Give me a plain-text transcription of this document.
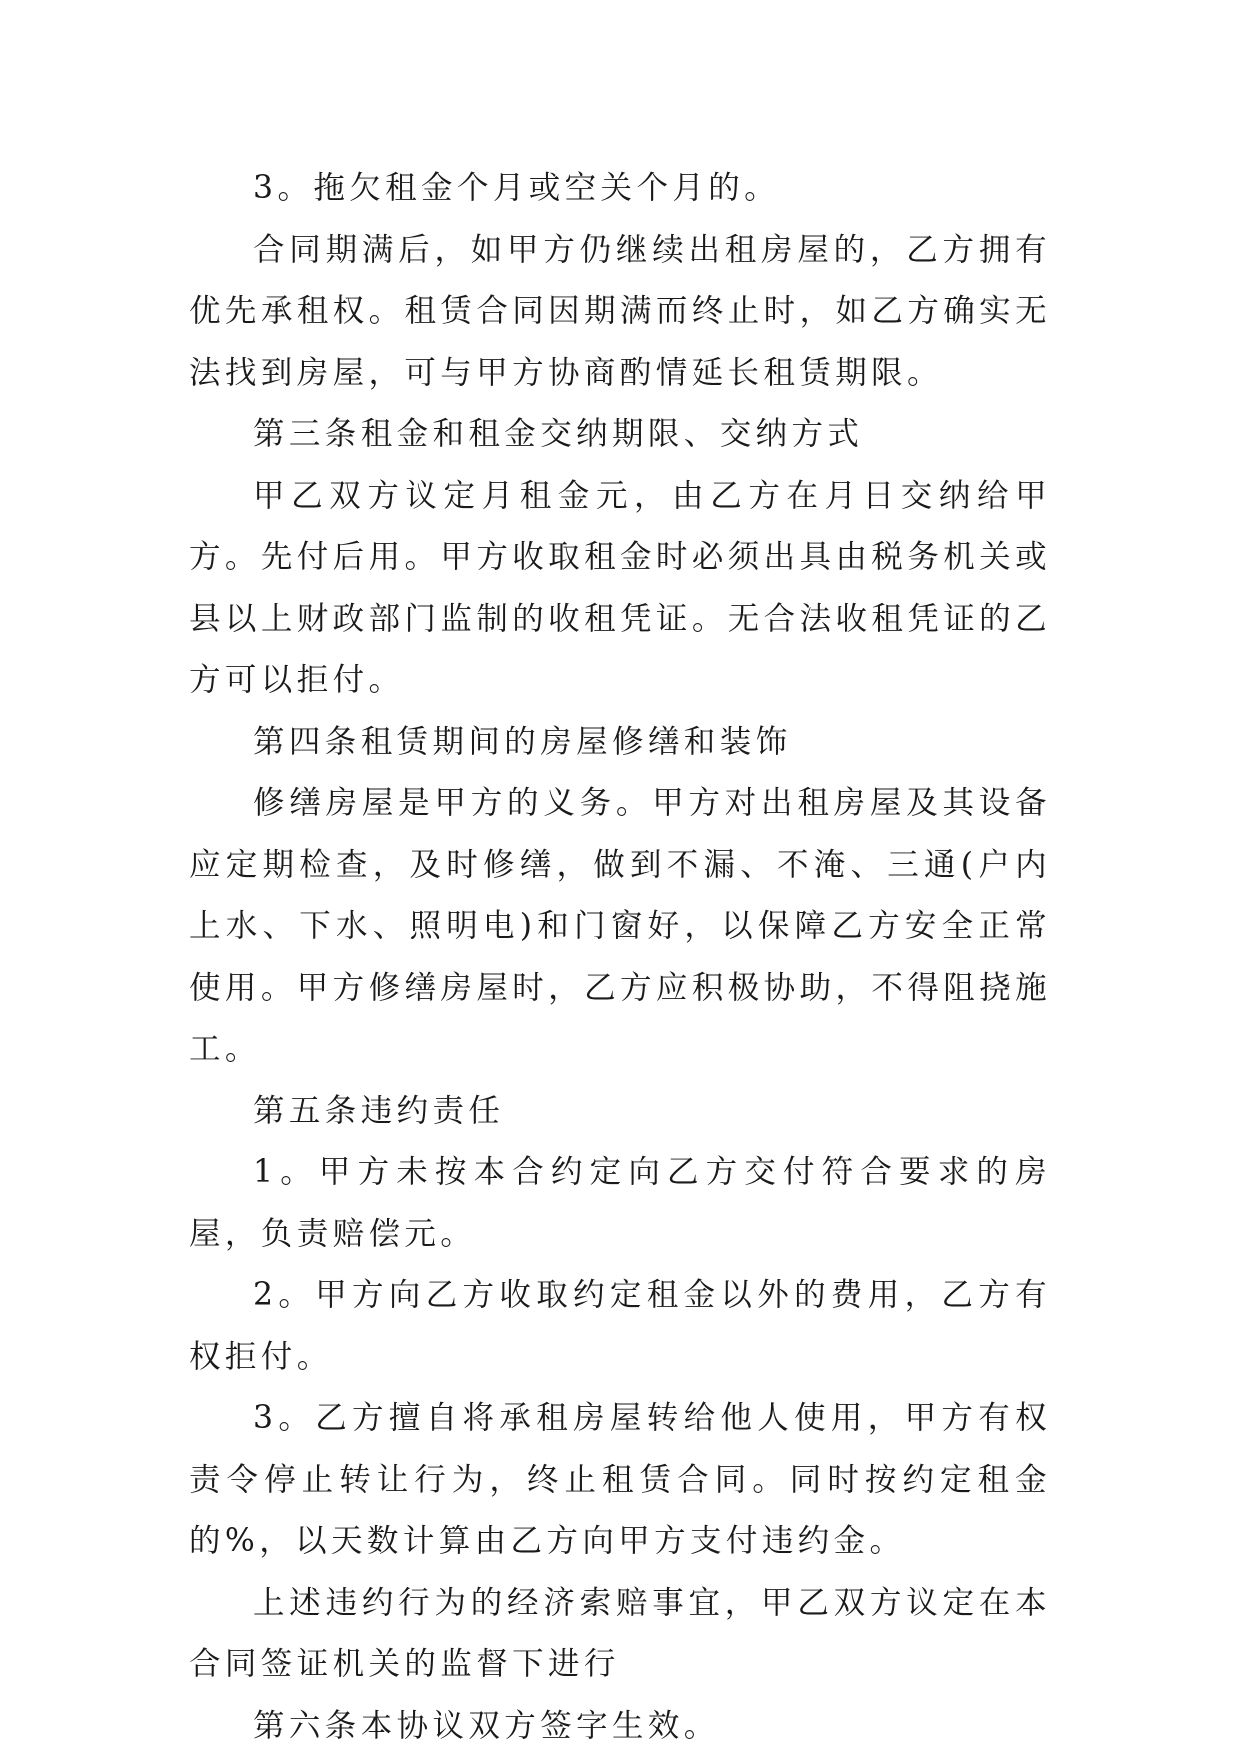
3。拖欠租金个月或空关个月的。

合同期满后，如甲方仍继续出租房屋的，乙方拥有优先承租权。租赁合同因期满而终止时，如乙方确实无法找到房屋，可与甲方协商酌情延长租赁期限。

第三条租金和租金交纳期限、交纳方式

甲乙双方议定月租金元，由乙方在月日交纳给甲方。先付后用。甲方收取租金时必须出具由税务机关或县以上财政部门监制的收租凭证。无合法收租凭证的乙方可以拒付。

第四条租赁期间的房屋修缮和装饰

修缮房屋是甲方的义务。甲方对出租房屋及其设备应定期检查，及时修缮，做到不漏、不淹、三通(户内上水、下水、照明电)和门窗好，以保障乙方安全正常使用。甲方修缮房屋时，乙方应积极协助，不得阻挠施工。

第五条违约责任

1。甲方未按本合约定向乙方交付符合要求的房屋，负责赔偿元。

2。甲方向乙方收取约定租金以外的费用，乙方有权拒付。

3。乙方擅自将承租房屋转给他人使用，甲方有权责令停止转让行为，终止租赁合同。同时按约定租金的%，以天数计算由乙方向甲方支付违约金。

上述违约行为的经济索赔事宜，甲乙双方议定在本合同签证机关的监督下进行

第六条本协议双方签字生效。
